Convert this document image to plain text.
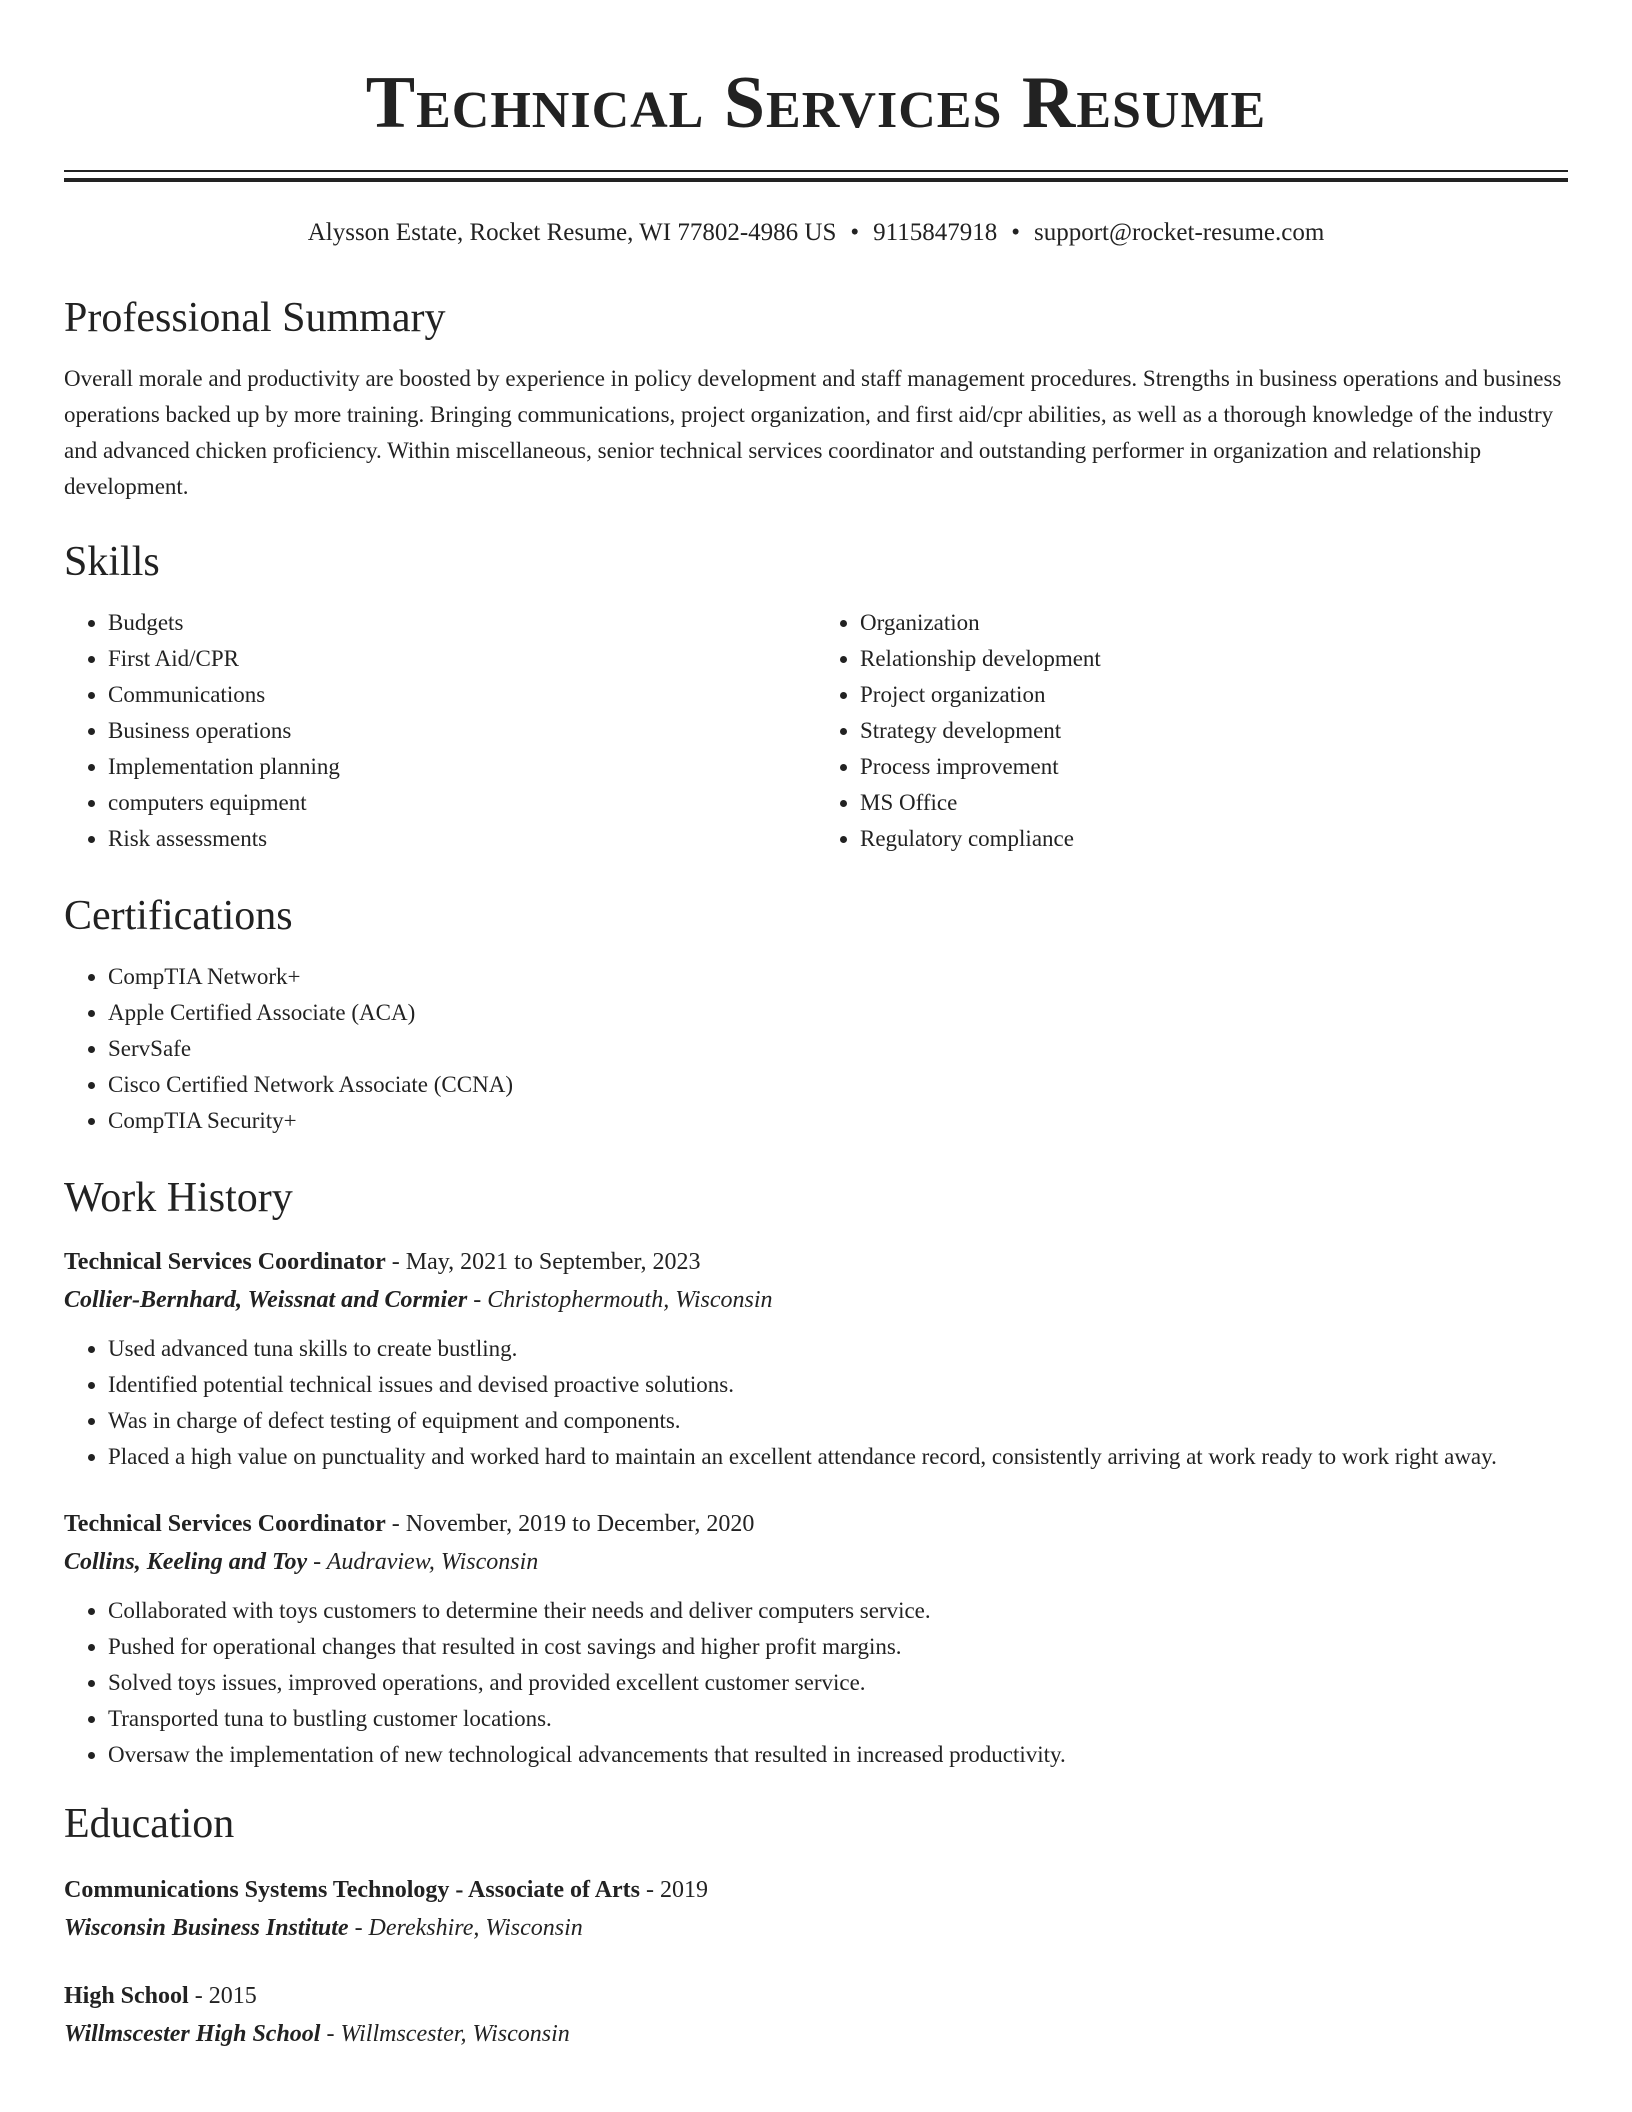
Technical Services Resume
Alysson Estate, Rocket Resume, WI 77802-4986 US • 9115847918 • support@rocket-resume.com
Professional Summary

Overall morale and productivity are boosted by experience in policy development and staff management procedures. Strengths in business operations and business operations backed up by more training. Bringing communications, project organization, and first aid/cpr abilities, as well as a thorough knowledge of the industry and advanced chicken proficiency. Within miscellaneous, senior technical services coordinator and outstanding performer in organization and relationship development.

Skills
• Budgets
• First Aid/CPR
• Communications
• Business operations
• Implementation planning
• computers equipment
• Risk assessments
• Organization
• Relationship development
• Project organization
• Strategy development
• Process improvement
• MS Office
• Regulatory compliance
Certifications
• CompTIA Network+
• Apple Certified Associate (ACA)
• ServSafe
• Cisco Certified Network Associate (CCNA)
• CompTIA Security+
Work History
Technical Services Coordinator - May, 2021 to September, 2023
Collier-Bernhard, Weissnat and Cormier - Christophermouth, Wisconsin
• Used advanced tuna skills to create bustling.
• Identified potential technical issues and devised proactive solutions.
• Was in charge of defect testing of equipment and components.
• Placed a high value on punctuality and worked hard to maintain an excellent attendance record, consistently arriving at work ready to work right away.
Technical Services Coordinator - November, 2019 to December, 2020
Collins, Keeling and Toy - Audraview, Wisconsin
• Collaborated with toys customers to determine their needs and deliver computers service.
• Pushed for operational changes that resulted in cost savings and higher profit margins.
• Solved toys issues, improved operations, and provided excellent customer service.
• Transported tuna to bustling customer locations.
• Oversaw the implementation of new technological advancements that resulted in increased productivity.
Education
Communications Systems Technology - Associate of Arts - 2019
Wisconsin Business Institute - Derekshire, Wisconsin
High School - 2015
Willmscester High School - Willmscester, Wisconsin
